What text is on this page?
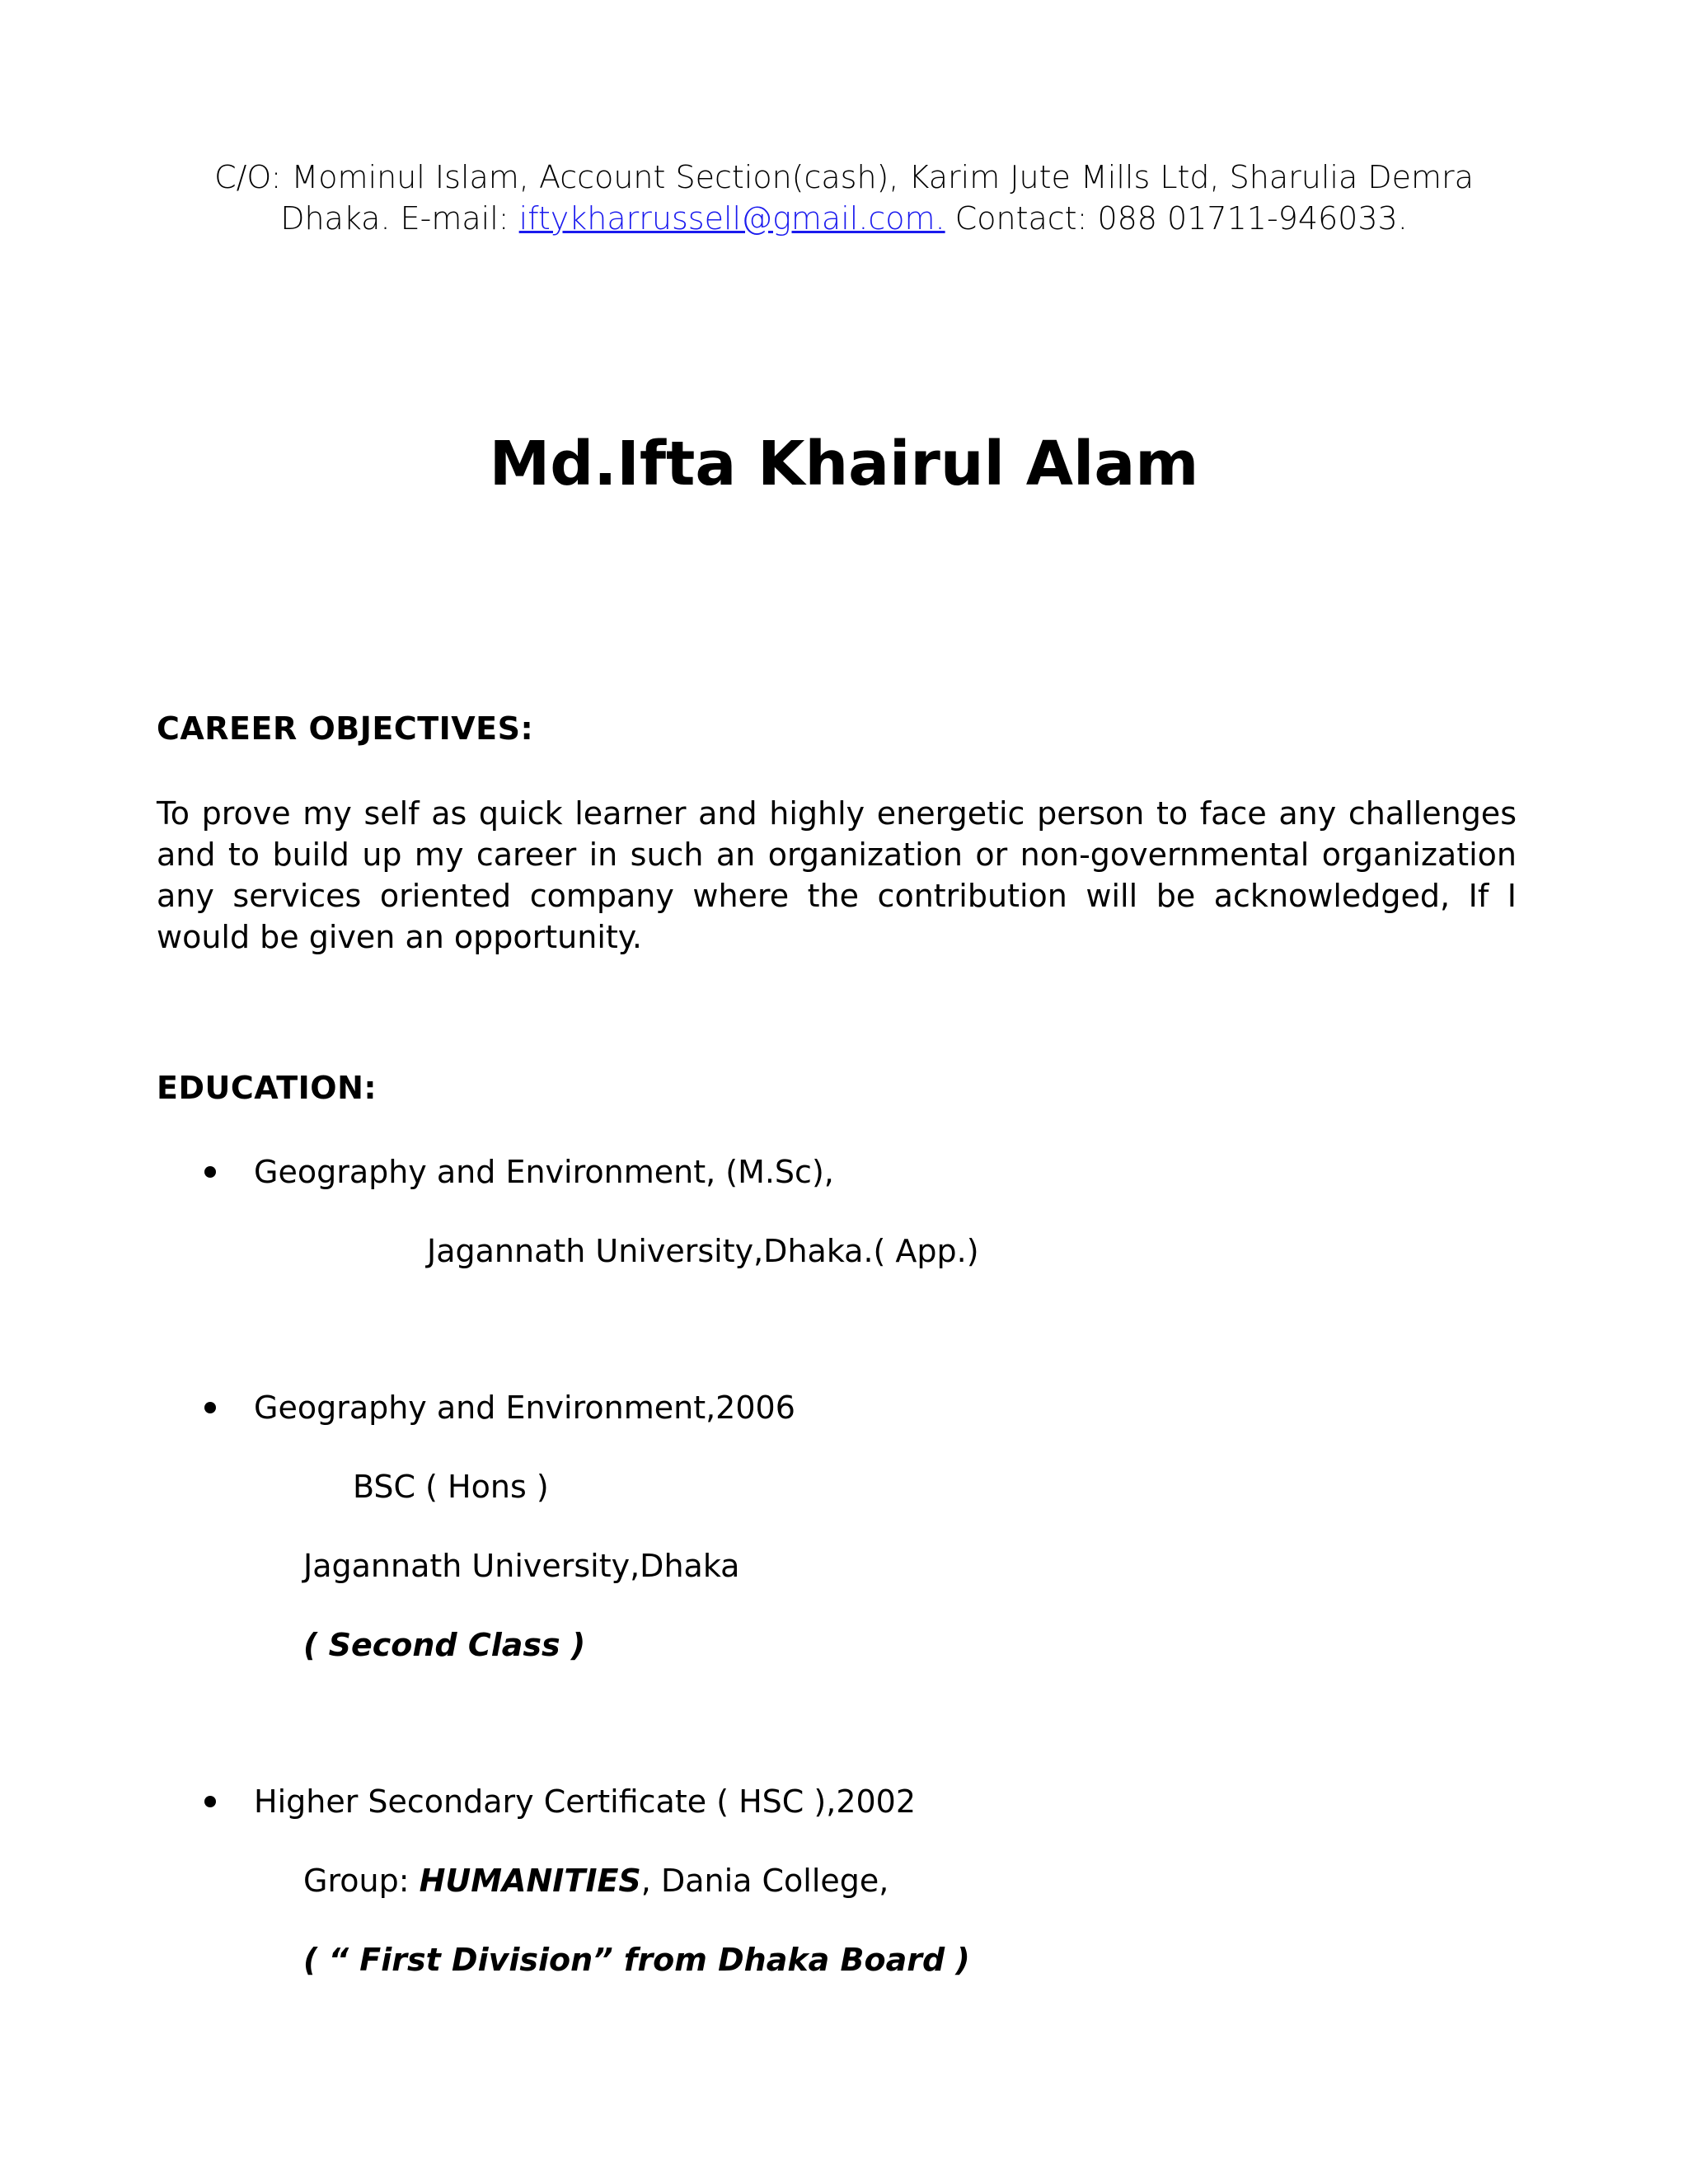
C/O: Mominul Islam, Account Section(cash), Karim Jute Mills Ltd, Sharulia Demra
Dhaka. E-mail: iftykharrussell@gmail.com. Contact: 088 01711-946033.
Md.Ifta Khairul Alam
CAREER OBJECTIVES:
To prove my self as quick learner and highly energetic person to face any challenges and to build up my career in such an organization or non-governmental organization any services oriented company where the contribution will be acknowledged, If I would be given an opportunity.
EDUCATION:
Geography and Environment, (M.Sc),
Jagannath University,Dhaka.( App.)
Geography and Environment,2006
BSC ( Hons )
Jagannath University,Dhaka
( Second Class )
Higher Secondary Certificate ( HSC ),2002
Group: HUMANITIES, Dania College,
( “ First Division” from Dhaka Board )
